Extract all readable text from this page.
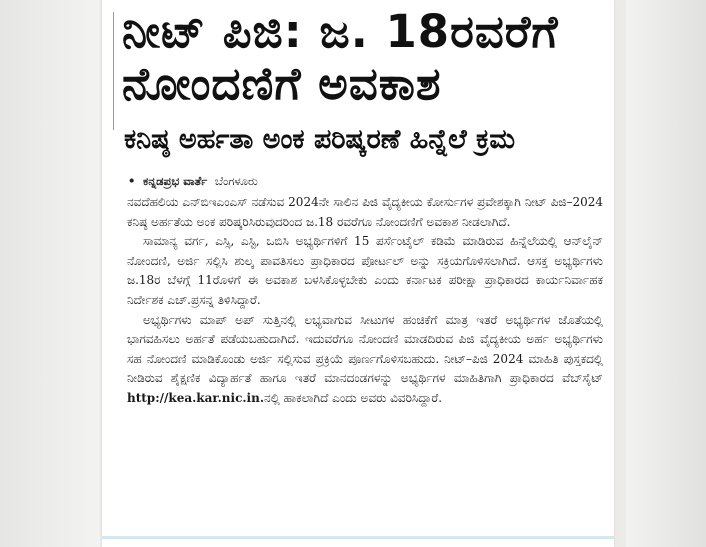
ನೀಟ್ ಪಿಜಿ: ಜ. 18ರವರೆಗೆ ನೋಂದಣಿಗೆ ಅವಕಾಶ
ಕನಿಷ್ಠ ಅರ್ಹತಾ ಅಂಕ ಪರಿಷ್ಕರಣೆ ಹಿನ್ನೆಲೆ ಕ್ರಮ
• ಕನ್ನಡಪ್ರಭ ವಾರ್ತೆ ಬೆಂಗಳೂರು

ನವದೆಹಲಿಯ ಎನ್‌ಬಿಇಎಂಎಸ್ ನಡೆಸುವ 2024ನೇ ಸಾಲಿನ ಪಿಜಿ ವೈದ್ಯಕೀಯ ಕೋರ್ಸುಗಳ ಪ್ರವೇಶಕ್ಕಾಗಿ ನೀಟ್ ಪಿಜಿ–2024 ಕನಿಷ್ಠ ಅರ್ಹತೆಯ ಅಂಕ ಪರಿಷ್ಕರಿಸಿರುವುದರಿಂದ ಜ.18 ರವರೆಗೂ ನೋಂದಣಿಗೆ ಅವಕಾಶ ನೀಡಲಾಗಿದೆ.

ಸಾಮಾನ್ಯ ವರ್ಗ, ಎಸ್ಸಿ, ಎಸ್ಟಿ, ಒಬಿಸಿ ಅಭ್ಯರ್ಥಿಗಳಿಗೆ 15 ಪರ್ಸೆಂಟೈಲ್ ಕಡಿಮೆ ಮಾಡಿರುವ ಹಿನ್ನೆಲೆಯಲ್ಲಿ ಆನ್‌ಲೈನ್ ನೋಂದಣಿ, ಅರ್ಜಿ ಸಲ್ಲಿಸಿ ಶುಲ್ಕ ಪಾವತಿಸಲು ಪ್ರಾಧಿಕಾರದ ಪೋರ್ಟಲ್ ಅನ್ನು ಸಕ್ರಿಯಗೊಳಿಸಲಾಗಿದೆ. ಆಸಕ್ತ ಅಭ್ಯರ್ಥಿಗಳು ಜ.18ರ ಬೆಳಗ್ಗೆ 11ರೊಳಗೆ ಈ ಅವಕಾಶ ಬಳಸಿಕೊಳ್ಳಬೇಕು ಎಂದು ಕರ್ನಾಟಕ ಪರೀಕ್ಷಾ ಪ್ರಾಧಿಕಾರದ ಕಾರ್ಯನಿರ್ವಾಹಕ ನಿರ್ದೇಶಕ ಎಚ್.ಪ್ರಸನ್ನ ತಿಳಿಸಿದ್ದಾರೆ.

ಅಭ್ಯರ್ಥಿಗಳು ಮಾಪ್ ಅಪ್ ಸುತ್ತಿನಲ್ಲಿ ಲಭ್ಯವಾಗುವ ಸೀಟುಗಳ ಹಂಚಿಕೆಗೆ ಮಾತ್ರ ಇತರೆ ಅಭ್ಯರ್ಥಿಗಳ ಜೊತೆಯಲ್ಲಿ ಭಾಗವಹಿಸಲು ಅರ್ಹತೆ ಪಡೆಯಬಹುದಾಗಿದೆ. ಇದುವರೆಗೂ ನೋಂದಣಿ ಮಾಡದಿರುವ ಪಿಜಿ ವೈದ್ಯಕೀಯ ಅರ್ಹ ಅಭ್ಯರ್ಥಿಗಳು ಸಹ ನೋಂದಣಿ ಮಾಡಿಕೊಂಡು ಅರ್ಜಿ ಸಲ್ಲಿಸುವ ಪ್ರಕ್ರಿಯೆ ಪೂರ್ಣಗೊಳಿಸಬಹುದು. ನೀಟ್–ಪಿಜಿ 2024 ಮಾಹಿತಿ ಪುಸ್ತಕದಲ್ಲಿ ನೀಡಿರುವ ಶೈಕ್ಷಣಿಕ ವಿದ್ಯಾರ್ಹತೆ ಹಾಗೂ ಇತರೆ ಮಾನದಂಡಗಳನ್ನು ಅಭ್ಯರ್ಥಿಗಳ ಮಾಹಿತಿಗಾಗಿ ಪ್ರಾಧಿಕಾರದ ವೆಬ್‌ಸೈಟ್ http://kea.kar.nic.in.ನಲ್ಲಿ ಹಾಕಲಾಗಿದೆ ಎಂದು ಅವರು ವಿವರಿಸಿದ್ದಾರೆ.
